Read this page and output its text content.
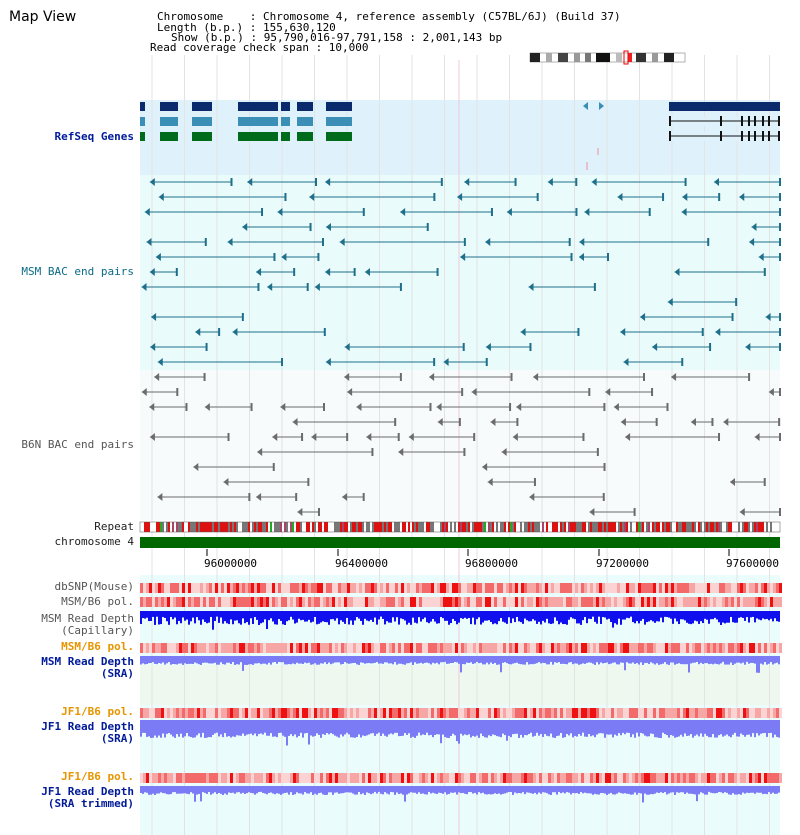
Map View	Chromosome    : Chromosome 4, reference assembly (C57BL/6J) (Build 37)
Length (b.p.) : 155,630,120
Show (b.p.) : 95,790,016-97,791,158 : 2,001,143 bp
Read coverage check span : 10,000
RefSeq Genes
MSM BAC end pairs
B6N BAC end pairs
Repeat
chromosome 4
dbSNP(Mouse)
MSM/B6 pol.
MSM Read Depth
(Capillary)
MSM/B6 pol.
MSM Read Depth
(SRA)
JF1/B6 pol.
JF1 Read Depth
(SRA)
JF1/B6 pol.
JF1 Read Depth
(SRA trimmed)
96000000	96400000	96800000	97200000	97600000
